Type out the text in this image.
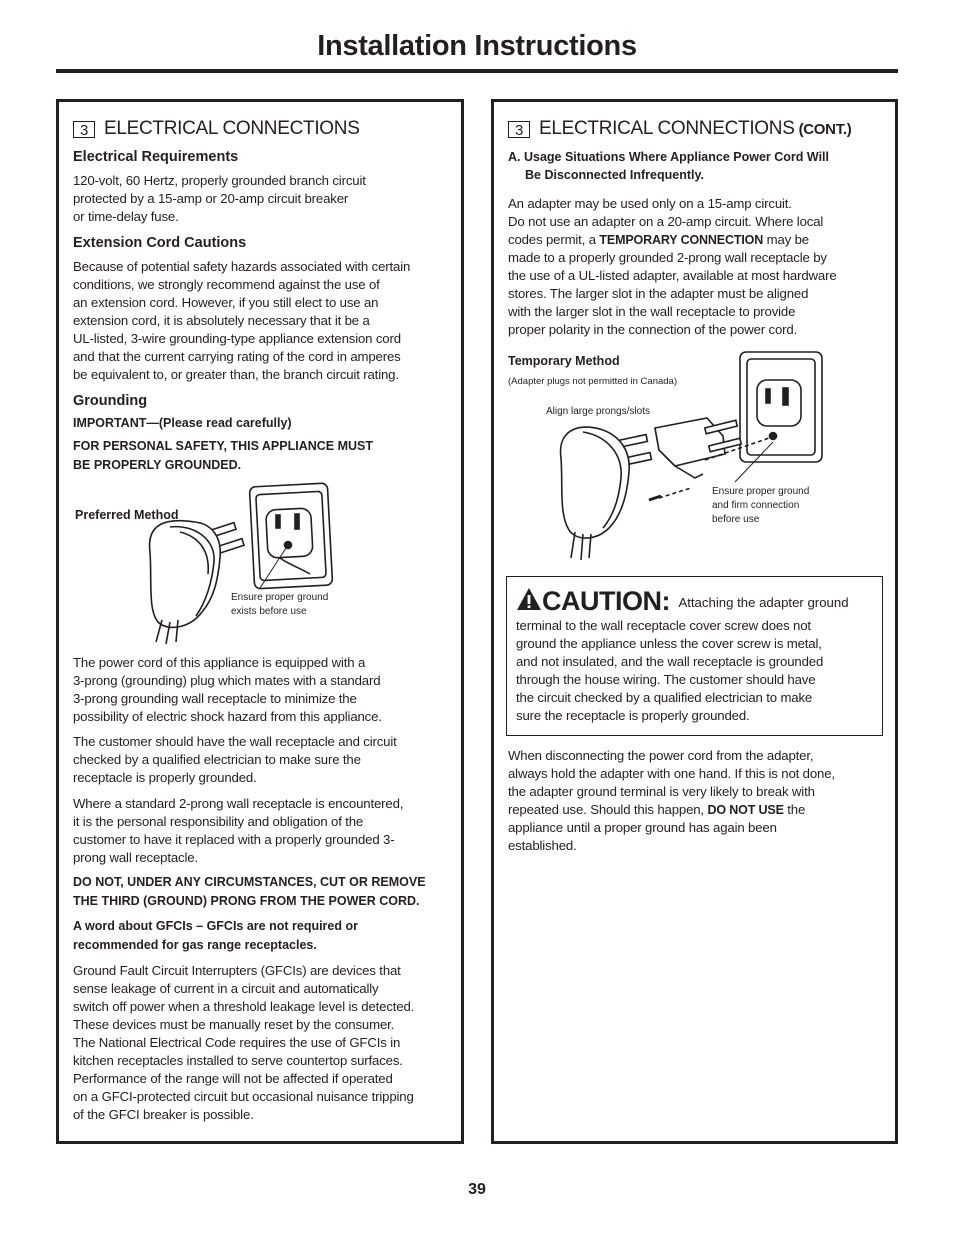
Installation Instructions
3 ELECTRICAL CONNECTIONS
Electrical Requirements

120-volt, 60 Hertz, properly grounded branch circuit

protected by a 15-amp or 20-amp circuit breaker

or time-delay fuse.

Extension Cord Cautions

Because of potential safety hazards associated with certain

conditions, we strongly recommend against the use of

an extension cord. However, if you still elect to use an

extension cord, it is absolutely necessary that it be a

UL-listed, 3-wire grounding-type appliance extension cord

and that the current carrying rating of the cord in amperes

be equivalent to, or greater than, the branch circuit rating.

Grounding
IMPORTANT—(Please read carefully)
FOR PERSONAL SAFETY, THIS APPLIANCE MUST
BE PROPERLY GROUNDED.
Preferred Method
Ensure proper ground
exists before use

The power cord of this appliance is equipped with a

3-prong (grounding) plug which mates with a standard

3-prong grounding wall receptacle to minimize the

possibility of electric shock hazard from this appliance.

The customer should have the wall receptacle and circuit

checked by a qualified electrician to make sure the

receptacle is properly grounded.

Where a standard 2-prong wall receptacle is encountered,

it is the personal responsibility and obligation of the

customer to have it replaced with a properly grounded 3-

prong wall receptacle.

DO NOT, UNDER ANY CIRCUMSTANCES, CUT OR REMOVE

THE THIRD (GROUND) PRONG FROM THE POWER CORD.

A word about GFCIs – GFCIs are not required or

recommended for gas range receptacles.

Ground Fault Circuit Interrupters (GFCIs) are devices that

sense leakage of current in a circuit and automatically

switch off power when a threshold leakage level is detected.

These devices must be manually reset by the consumer.

The National Electrical Code requires the use of GFCIs in

kitchen receptacles installed to serve countertop surfaces.

Performance of the range will not be affected if operated

on a GFCI-protected circuit but occasional nuisance tripping

of the GFCI breaker is possible.

3 ELECTRICAL CONNECTIONS (CONT.)
A. Usage Situations Where Appliance Power Cord Will
Be Disconnected Infrequently.

An adapter may be used only on a 15-amp circuit.

Do not use an adapter on a 20-amp circuit. Where local

codes permit, a TEMPORARY CONNECTION may be

made to a properly grounded 2-prong wall receptacle by

the use of a UL-listed adapter, available at most hardware

stores. The larger slot in the adapter must be aligned

with the larger slot in the wall receptacle to provide

proper polarity in the connection of the power cord.

Temporary Method
(Adapter plugs not permitted in Canada)
Align large prongs/slots
Ensure proper ground
and firm connection
before use
CAUTION: Attaching the adapter ground

terminal to the wall receptacle cover screw does not

ground the appliance unless the cover screw is metal,

and not insulated, and the wall receptacle is grounded

through the house wiring. The customer should have

the circuit checked by a qualified electrician to make

sure the receptacle is properly grounded.

When disconnecting the power cord from the adapter,

always hold the adapter with one hand. If this is not done,

the adapter ground terminal is very likely to break with

repeated use. Should this happen, DO NOT USE the

appliance until a proper ground has again been

established.

39
